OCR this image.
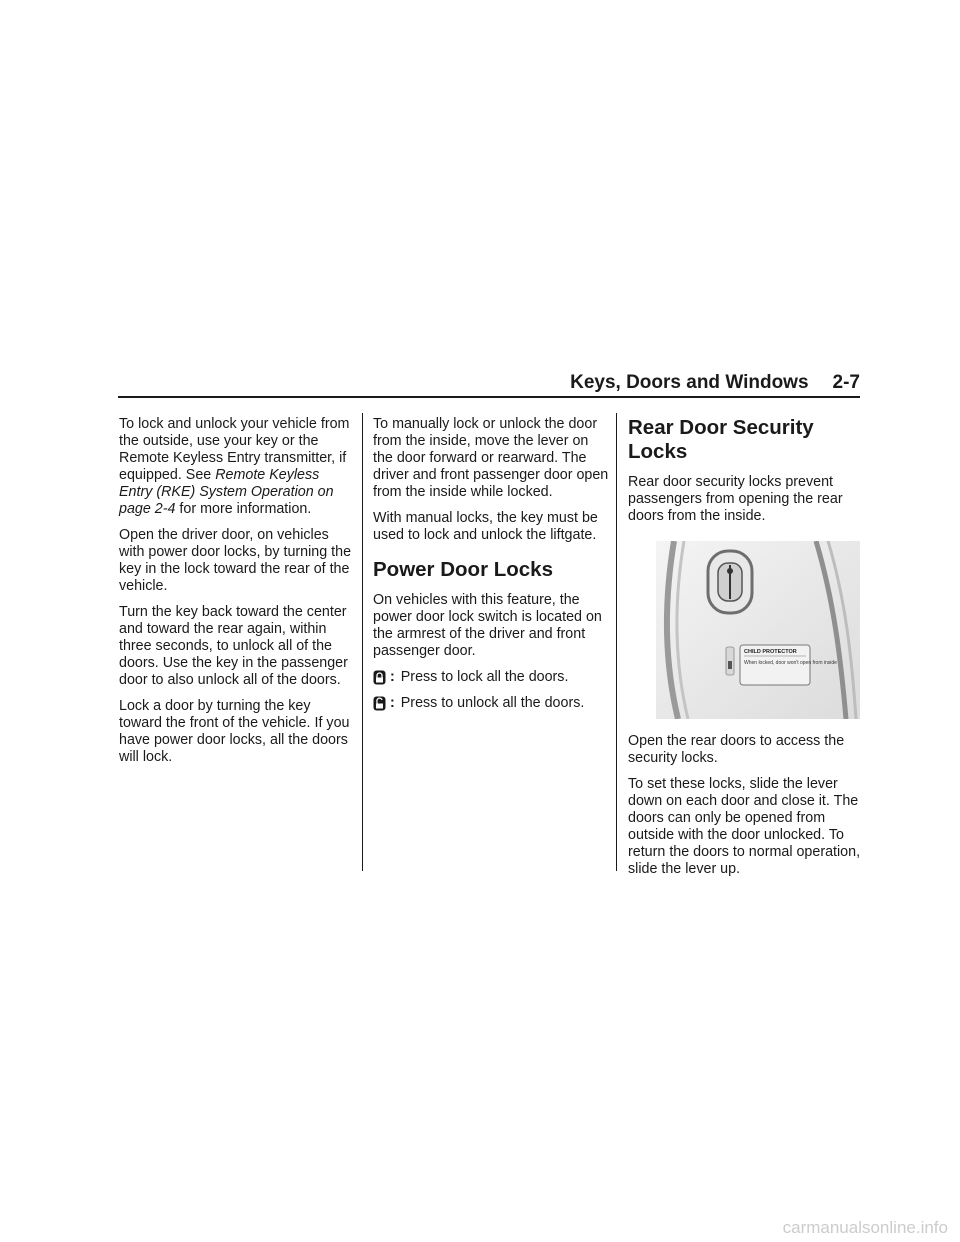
Keys, Doors and Windows 2-7

To lock and unlock your vehicle from the outside, use your key or the Remote Keyless Entry transmitter, if equipped. See Remote Keyless Entry (RKE) System Operation on page 2-4 for more information.

Open the driver door, on vehicles with power door locks, by turning the key in the lock toward the rear of the vehicle.

Turn the key back toward the center and toward the rear again, within three seconds, to unlock all of the doors. Use the key in the passenger door to also unlock all of the doors.

Lock a door by turning the key toward the front of the vehicle. If you have power door locks, all the doors will lock.

To manually lock or unlock the door from the inside, move the lever on the door forward or rearward. The driver and front passenger door open from the inside while locked.

With manual locks, the key must be used to lock and unlock the liftgate.

Power Door Locks

On vehicles with this feature, the power door lock switch is located on the armrest of the driver and front passenger door.

: Press to lock all the doors.
: Press to unlock all the doors.
Rear Door Security Locks

Rear door security locks prevent passengers from opening the rear doors from the inside.

CHILD PROTECTOR
When locked, door won't open from inside

Open the rear doors to access the security locks.

To set these locks, slide the lever down on each door and close it. The doors can only be opened from outside with the door unlocked. To return the doors to normal operation, slide the lever up.

carmanualsonline.info
